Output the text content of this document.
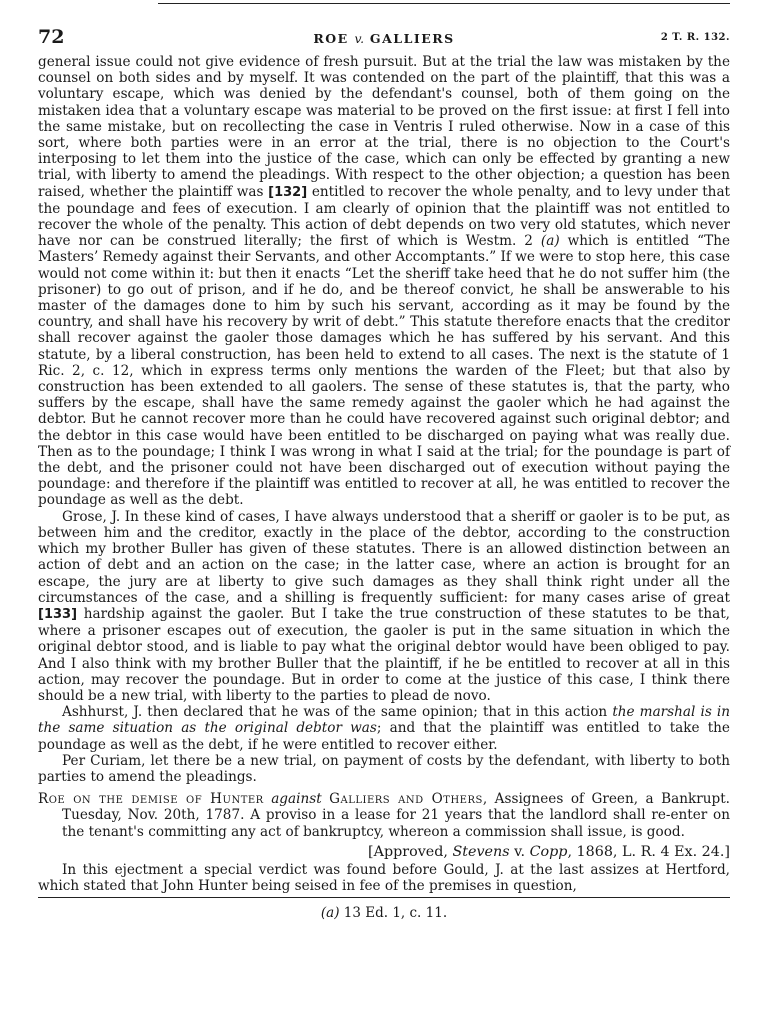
72	ROE v. GALLIERS	2 T. R. 132.

general issue could not give evidence of fresh pursuit. But at the trial the law was mistaken by the counsel on both sides and by myself. It was contended on the part of the plaintiff, that this was a voluntary escape, which was denied by the defendant's counsel, both of them going on the mistaken idea that a voluntary escape was material to be proved on the first issue: at first I fell into the same mistake, but on recollecting the case in Ventris I ruled otherwise. Now in a case of this sort, where both parties were in an error at the trial, there is no objection to the Court's interposing to let them into the justice of the case, which can only be effected by granting a new trial, with liberty to amend the pleadings. With respect to the other objection; a question has been raised, whether the plaintiff was [132] entitled to recover the whole penalty, and to levy under that the poundage and fees of execution. I am clearly of opinion that the plaintiff was not entitled to recover the whole of the penalty. This action of debt depends on two very old statutes, which never have nor can be construed literally; the first of which is Westm. 2 (a) which is entitled “The Masters’ Remedy against their Servants, and other Accomptants.” If we were to stop here, this case would not come within it: but then it enacts “Let the sheriff take heed that he do not suffer him (the prisoner) to go out of prison, and if he do, and be thereof convict, he shall be answerable to his master of the damages done to him by such his servant, according as it may be found by the country, and shall have his recovery by writ of debt.” This statute therefore enacts that the creditor shall recover against the gaoler those damages which he has suffered by his servant. And this statute, by a liberal construction, has been held to extend to all cases. The next is the statute of 1 Ric. 2, c. 12, which in express terms only mentions the warden of the Fleet; but that also by construction has been extended to all gaolers. The sense of these statutes is, that the party, who suffers by the escape, shall have the same remedy against the gaoler which he had against the debtor. But he cannot recover more than he could have recovered against such original debtor; and the debtor in this case would have been entitled to be discharged on paying what was really due. Then as to the poundage; I think I was wrong in what I said at the trial; for the poundage is part of the debt, and the prisoner could not have been discharged out of execution without paying the poundage: and therefore if the plaintiff was entitled to recover at all, he was entitled to recover the poundage as well as the debt.

Grose, J. In these kind of cases, I have always understood that a sheriff or gaoler is to be put, as between him and the creditor, exactly in the place of the debtor, according to the construction which my brother Buller has given of these statutes. There is an allowed distinction between an action of debt and an action on the case; in the latter case, where an action is brought for an escape, the jury are at liberty to give such damages as they shall think right under all the circumstances of the case, and a shilling is frequently sufficient: for many cases arise of great [133] hardship against the gaoler. But I take the true construction of these statutes to be that, where a prisoner escapes out of execution, the gaoler is put in the same situation in which the original debtor stood, and is liable to pay what the original debtor would have been obliged to pay. And I also think with my brother Buller that the plaintiff, if he be entitled to recover at all in this action, may recover the poundage. But in order to come at the justice of this case, I think there should be a new trial, with liberty to the parties to plead de novo.

Ashhurst, J. then declared that he was of the same opinion; that in this action the marshal is in the same situation as the original debtor was; and that the plaintiff was entitled to take the poundage as well as the debt, if he were entitled to recover either.

Per Curiam, let there be a new trial, on payment of costs by the defendant, with liberty to both parties to amend the pleadings.

Roe on the demise of Hunter against Galliers and Others, Assignees of Green, a Bankrupt. Tuesday, Nov. 20th, 1787. A proviso in a lease for 21 years that the landlord shall re-enter on the tenant's committing any act of bankruptcy, whereon a commission shall issue, is good.

[Approved, Stevens v. Copp, 1868, L. R. 4 Ex. 24.]

In this ejectment a special verdict was found before Gould, J. at the last assizes at Hertford, which stated that John Hunter being seised in fee of the premises in question,

(a) 13 Ed. 1, c. 11.
